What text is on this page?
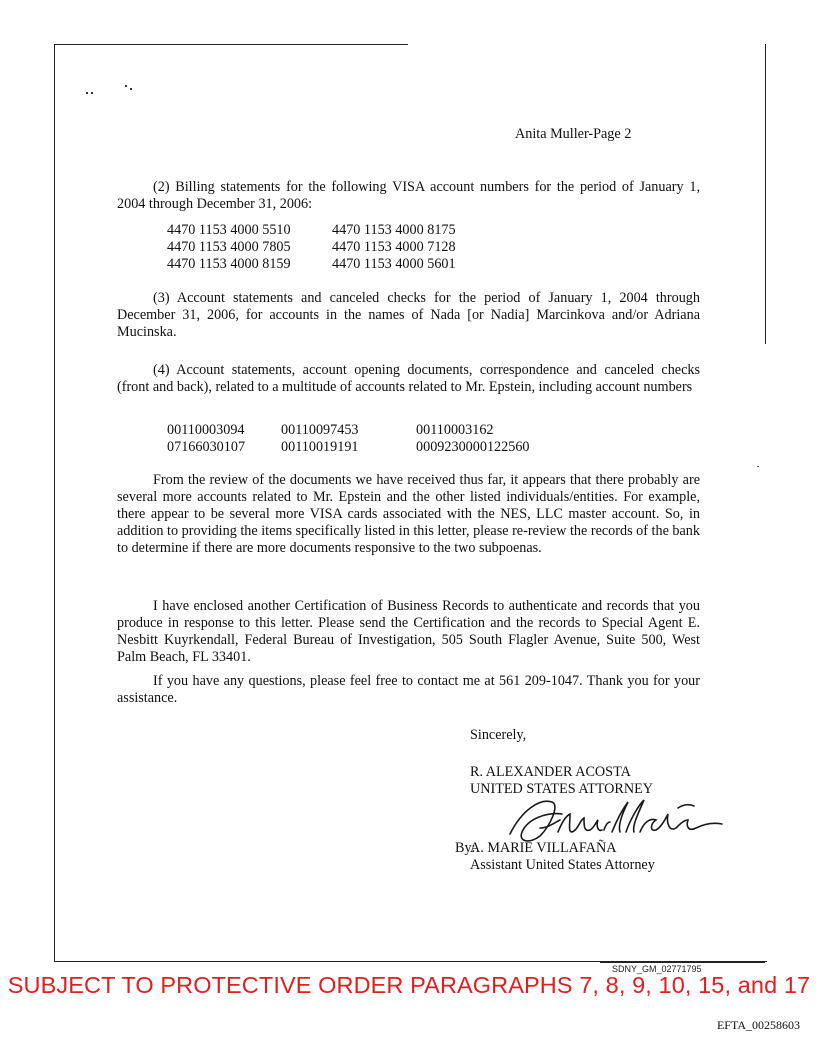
Anita Muller-Page 2
(2) Billing statements for the following VISA account numbers for the period of January 1, 2004 through December 31, 2006:
4470 1153 4000 5510	4470 1153 4000 8175
4470 1153 4000 7805	4470 1153 4000 7128
4470 1153 4000 8159	4470 1153 4000 5601
(3) Account statements and canceled checks for the period of January 1, 2004 through December 31, 2006, for accounts in the names of Nada [or Nadia] Marcinkova and/or Adriana Mucinska.
(4) Account statements, account opening documents, correspondence and canceled checks (front and back), related to a multitude of accounts related to Mr. Epstein, including account numbers
00110003094	00110097453	00110003162
07166030107	00110019191	0009230000122560
From the review of the documents we have received thus far, it appears that there probably are several more accounts related to Mr. Epstein and the other listed individuals/entities. For example, there appear to be several more VISA cards associated with the NES, LLC master account. So, in addition to providing the items specifically listed in this letter, please re-review the records of the bank to determine if there are more documents responsive to the two subpoenas.
I have enclosed another Certification of Business Records to authenticate and records that you produce in response to this letter. Please send the Certification and the records to Special Agent E. Nesbitt Kuyrkendall, Federal Bureau of Investigation, 505 South Flagler Avenue, Suite 500, West Palm Beach, FL 33401.
If you have any questions, please feel free to contact me at 561 209-1047. Thank you for your assistance.
Sincerely,
R. ALEXANDER ACOSTA
UNITED STATES ATTORNEY
By:
A. MARIE VILLAFAÑA
Assistant United States Attorney
SDNY_GM_02771795
SUBJECT TO PROTECTIVE ORDER PARAGRAPHS 7, 8, 9, 10, 15, and 17
EFTA_00258603
